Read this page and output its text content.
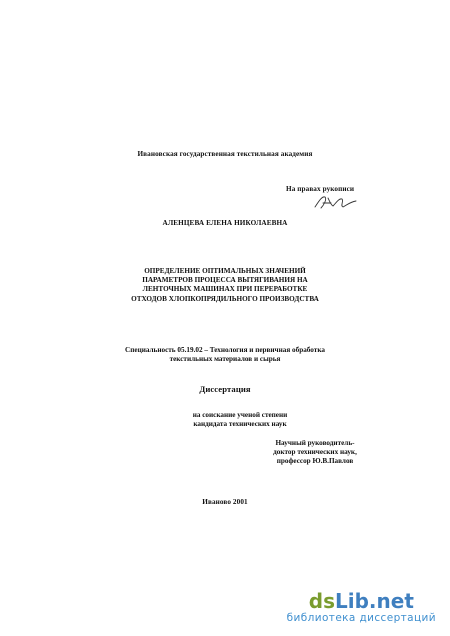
Ивановская государственная текстильная академия
На правах рукописи
АЛЕНЦЕВА ЕЛЕНА НИКОЛАЕВНА
ОПРЕДЕЛЕНИЕ ОПТИМАЛЬНЫХ ЗНАЧЕНИЙ
ПАРАМЕТРОВ ПРОЦЕССА ВЫТЯГИВАНИЯ НА
ЛЕНТОЧНЫХ МАШИНАХ ПРИ ПЕРЕРАБОТКЕ
ОТХОДОВ ХЛОПКОПРЯДИЛЬНОГО ПРОИЗВОДСТВА
Специальность 05.19.02 – Технология и первичная обработка
текстильных материалов и сырья
Диссертация
на соискание ученой степени
кандидата технических наук
Научный руководитель-
доктор технических наук,
профессор Ю.В.Павлов
Иваново 2001
dsLib.net
библиотека диссертаций
